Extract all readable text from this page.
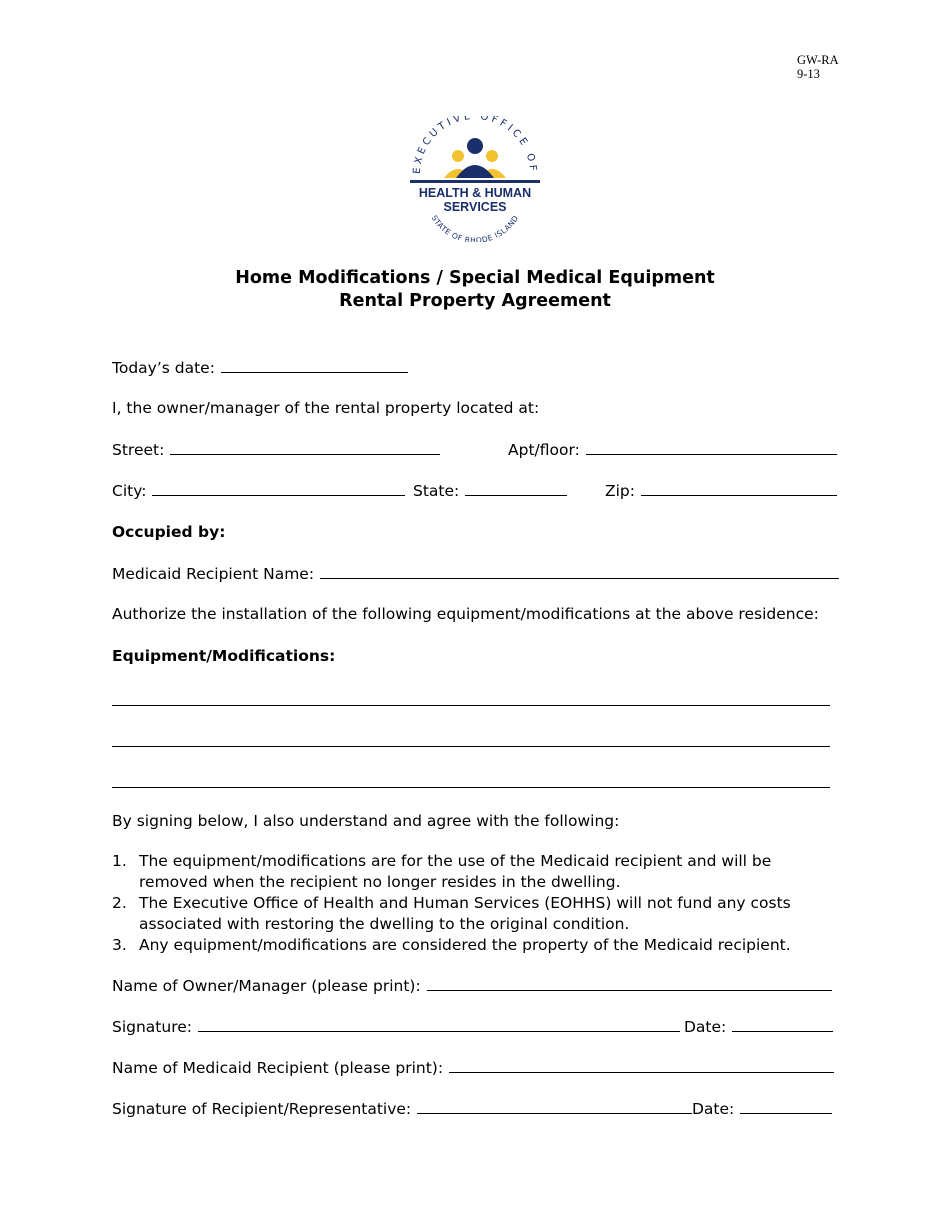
GW-RA
9-13
EXECUTIVE OFFICE OF
HEALTH & HUMAN
SERVICES
STATE OF RHODE ISLAND
Home Modifications / Special Medical Equipment
Rental Property Agreement
Today’s date:
I, the owner/manager of the rental property located at:
Street:	Apt/floor:
City:	State:	Zip:
Occupied by:
Medicaid Recipient Name:
Authorize the installation of the following equipment/modifications at the above residence:
Equipment/Modifications:
By signing below, I also understand and agree with the following:
1. The equipment/modifications are for the use of the Medicaid recipient and will be removed when the recipient no longer resides in the dwelling.
2. The Executive Office of Health and Human Services (EOHHS) will not fund any costs associated with restoring the dwelling to the original condition.
3. Any equipment/modifications are considered the property of the Medicaid recipient.
Name of Owner/Manager (please print):
Signature:	Date:
Name of Medicaid Recipient (please print):
Signature of Recipient/Representative:	Date:
